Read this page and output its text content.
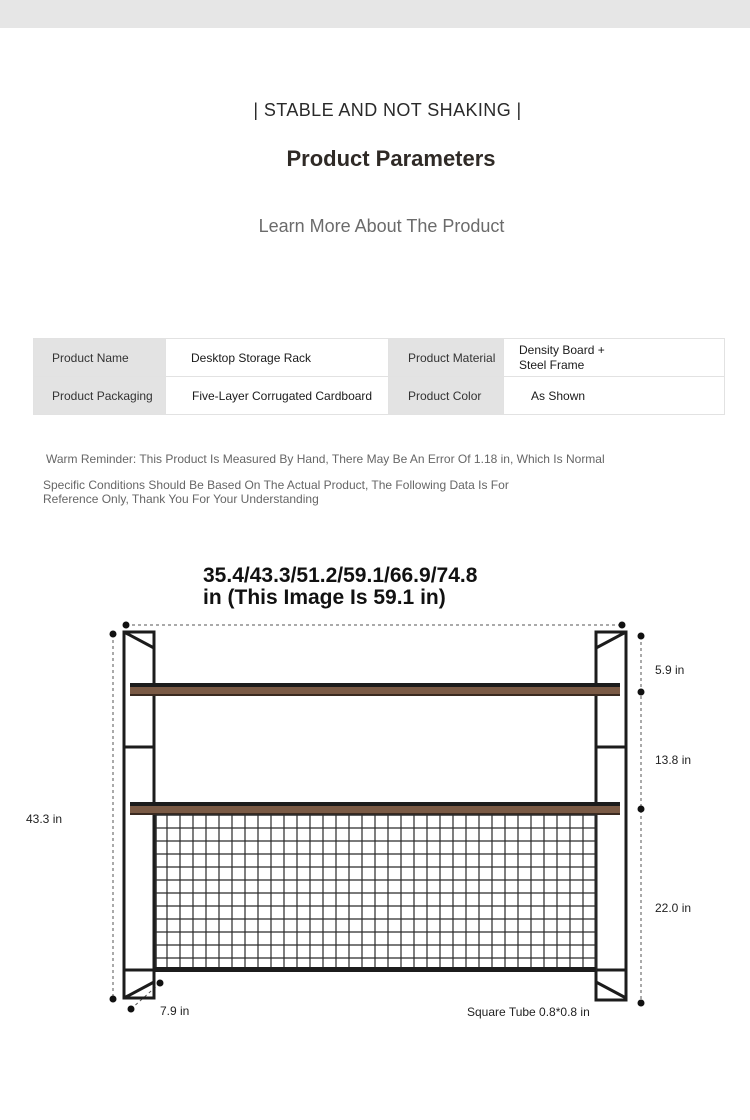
| STABLE AND NOT SHAKING |
Product Parameters
Learn More About The Product
Product Name	Desktop Storage Rack	Product Material	Density Board +
Steel Frame

Product Packaging	Five-Layer Corrugated Cardboard	Product Color	As Shown
Warm Reminder: This Product Is Measured By Hand, There May Be An Error Of 1.18 in, Which Is Normal
Specific Conditions Should Be Based On The Actual Product, The Following Data Is For Reference Only, Thank You For Your Understanding
35.4/43.3/51.2/59.1/66.9/74.8
in (This Image Is 59.1 in)
43.3 in
5.9 in
13.8 in
22.0 in
7.9 in	Square Tube 0.8*0.8 in
